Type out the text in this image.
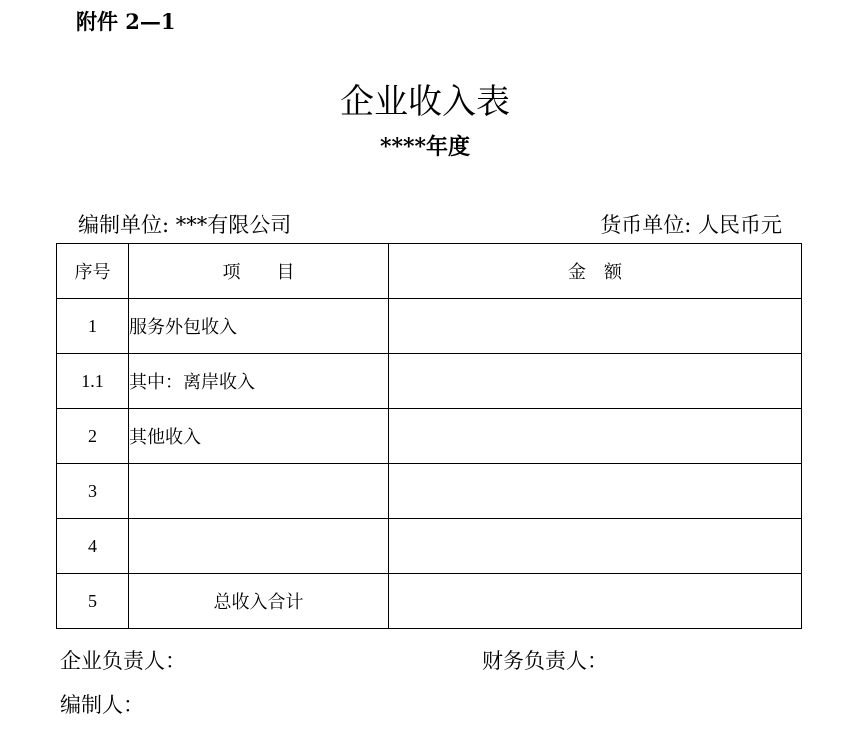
附件 2—1
企业收入表
****年度
编制单位: ***有限公司	货币单位: 人民币元
序号	项　　目	金　额
1	服务外包收入	
1.1	其中：离岸收入	
2	其他收入	
3		
4		
5	总收入合计	
企业负责人：	财务负责人：
编制人：
